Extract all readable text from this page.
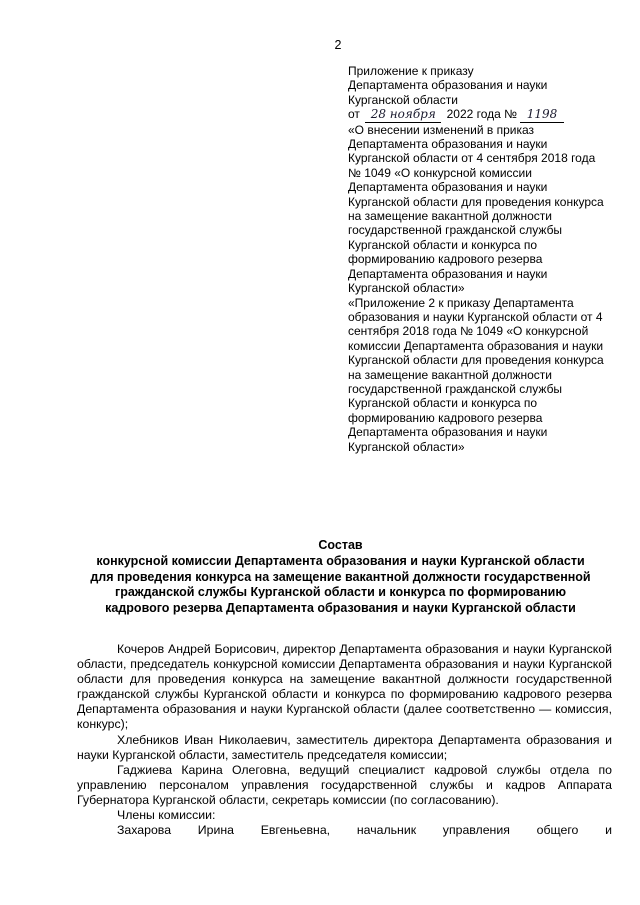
2
Приложение к приказу
Департамента образования и науки
Курганской области
от 28 ноября 2022 года № 1198

«О внесении изменений в приказ Департамента образования и науки Курганской области от 4 сентября 2018 года № 1049 «О конкурсной комиссии Департамента образования и науки Курганской области для проведения конкурса на замещение вакантной должности государственной гражданской службы Курганской области и конкурса по формированию кадрового резерва Департамента образования и науки Курганской области»

«Приложение 2 к приказу Департамента образования и науки Курганской области от 4 сентября 2018 года № 1049 «О конкурсной комиссии Департамента образования и науки Курганской области для проведения конкурса на замещение вакантной должности государственной гражданской службы Курганской области и конкурса по формированию кадрового резерва Департамента образования и науки Курганской области»

Состав
конкурсной комиссии Департамента образования и науки Курганской области
для проведения конкурса на замещение вакантной должности государственной
гражданской службы Курганской области и конкурса по формированию
кадрового резерва Департамента образования и науки Курганской области

Кочеров Андрей Борисович, директор Департамента образования и науки Курганской области, председатель конкурсной комиссии Департамента образования и науки Курганской области для проведения конкурса на замещение вакантной должности государственной гражданской службы Курганской области и конкурса по формированию кадрового резерва Департамента образования и науки Курганской области (далее соответственно — комиссия, конкурс);

Хлебников Иван Николаевич, заместитель директора Департамента образования и науки Курганской области, заместитель председателя комиссии;

Гаджиева Карина Олеговна, ведущий специалист кадровой службы отдела по управлению персоналом управления государственной службы и кадров Аппарата Губернатора Курганской области, секретарь комиссии (по согласованию).

Члены комиссии:

Захарова Ирина Евгеньевна, начальник управления общего и
